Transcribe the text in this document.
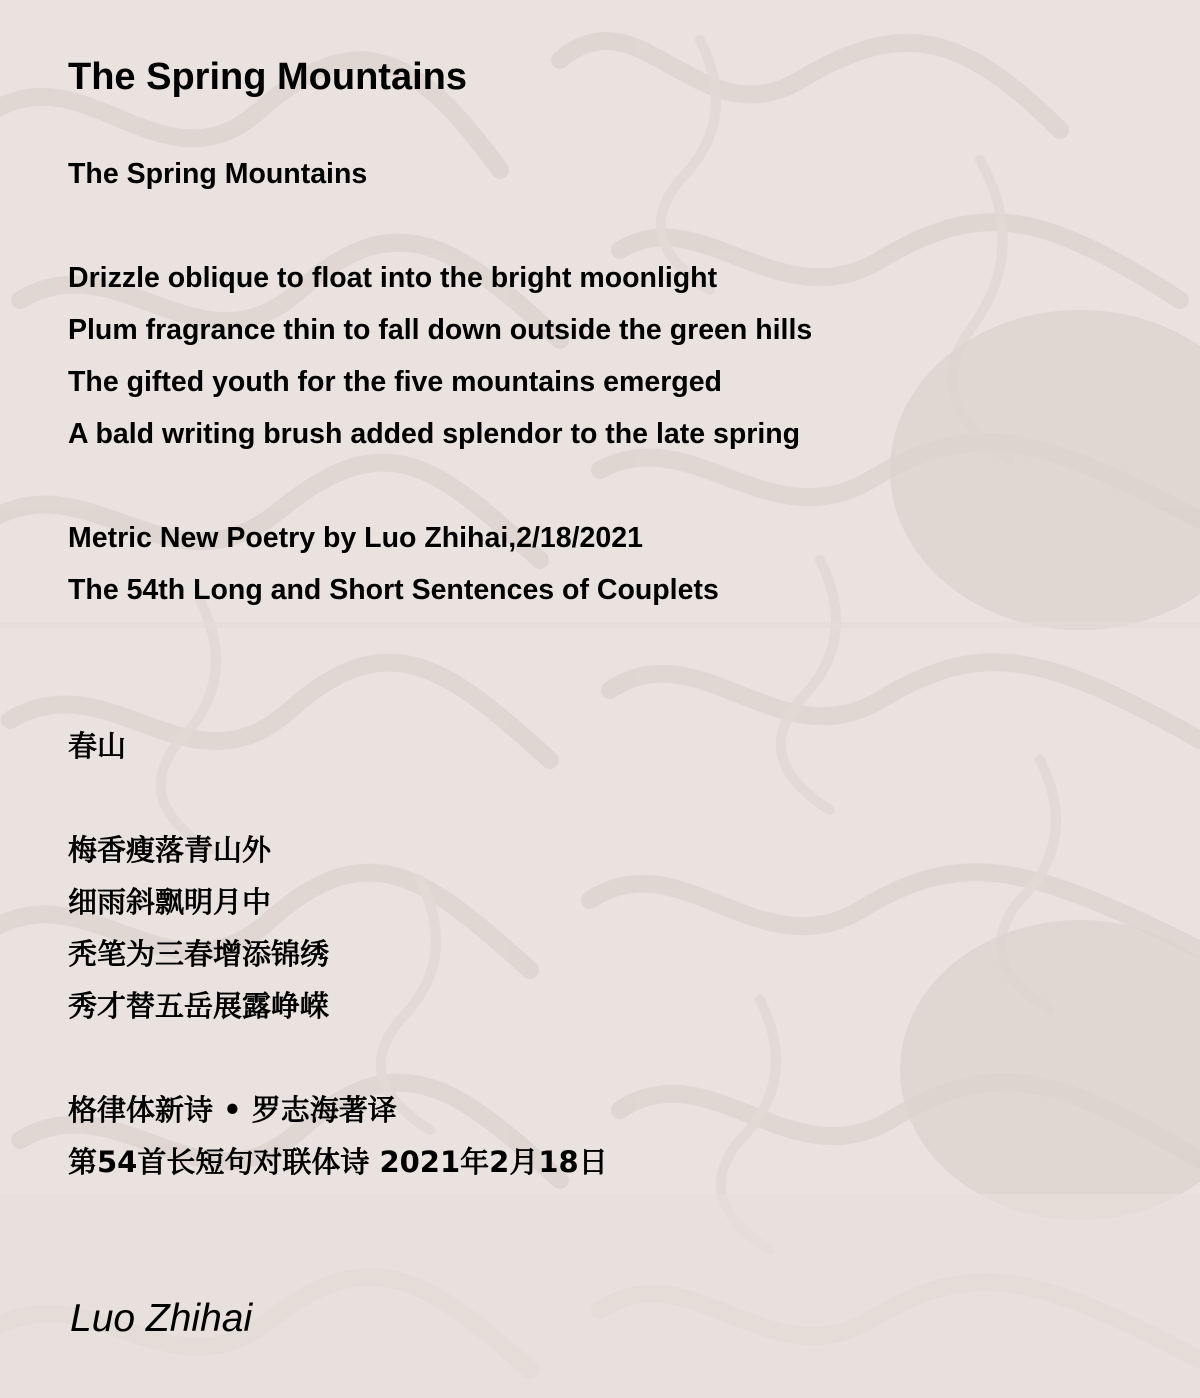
The Spring Mountains
The Spring Mountains
Drizzle oblique to float into the bright moonlight
Plum fragrance thin to fall down outside the green hills
The gifted youth for the five mountains emerged
A bald writing brush added splendor to the late spring
Metric New Poetry by Luo Zhihai,2/18/2021
The 54th Long and Short Sentences of Couplets
春山
梅香瘦落青山外
细雨斜飘明月中
秃笔为三春增添锦绣
秀才替五岳展露峥嵘
格律体新诗 • 罗志海著译
第54首长短句对联体诗 2021年2月18日
Luo Zhihai
